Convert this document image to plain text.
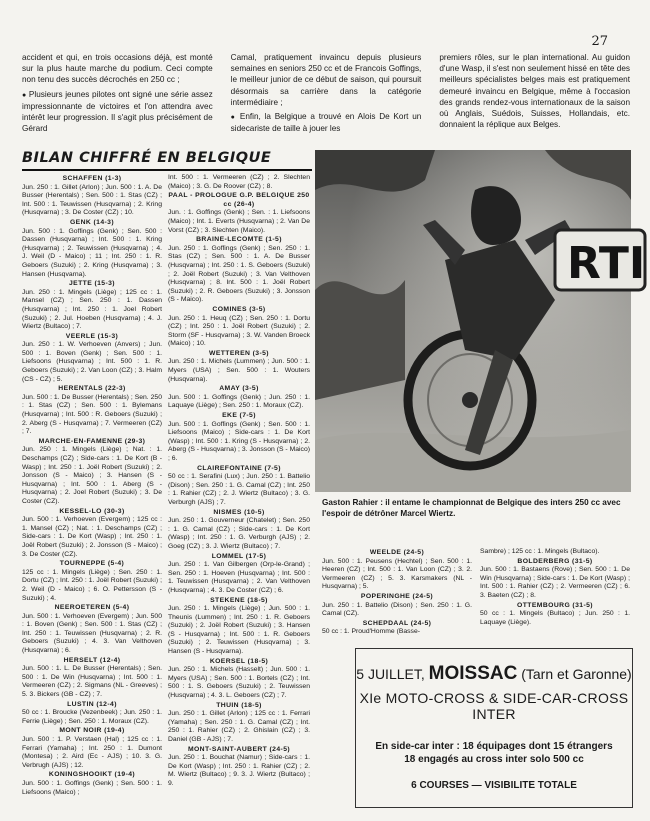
27

accident et qui, en trois occasions déjà, est monté sur la plus haute marche du podium. Ceci compte non tenu des succès décrochés en 250 cc ;

● Plusieurs jeunes pilotes ont signé une série assez impressionnante de victoires et l'on attendra avec intérêt leur progression. Il s'agit plus précisément de Gérard

Camal, pratiquement invaincu depuis plusieurs semaines en seniors 250 cc et de Francois Goffings, le meilleur junior de ce début de saison, qui poursuit désormais sa carrière dans la catégorie intermédiaire ;

● Enfin, la Belgique a trouvé en Alois De Kort un sidecariste de taille à jouer les

premiers rôles, sur le plan international. Au guidon d'une Wasp, il s'est non seulement hissé en tête des meilleurs spécialistes belges mais est pratiquement demeuré invaincu en Belgique, même à l'occasion des grands rendez-vous internationaux de la saison où Anglais, Suédois, Suisses, Hollandais, etc. donnaient la réplique aux Belges.

BILAN CHIFFRÉ EN BELGIQUE
SCHAFFEN (1-3)
Jun. 250 : 1. Gillet (Arlon) ; Jun. 500 : 1. A. De Busser (Herentals) ; Sen. 500 : 1. Stas (CZ) ; Int. 500 : 1. Teuwissen (Husqvarna) ; 2. Kring (Husqvarna) ; 3. De Coster (CZ) ; 10.
GENK (14-3)
Jun. 500 : 1. Goffings (Genk) ; Sen. 500 : Dassen (Husqvarna) ; Int. 500 : 1. Kring (Husqvarna) ; 2. Teuwissen (Husqvarna) ; 4. J. Weil (D - Maico) ; 11 ; Int. 250 : 1. R. Geboers (Suzuki) ; 2. Kring (Husqvarna) ; 3. Hansen (Husqvarna).
JETTE (15-3)
Jun. 250 : 1. Mingels (Liège) ; 125 cc : 1. Mansel (CZ) ; Sen. 250 : 1. Dassen (Husqvarna) ; Int. 250 : 1. Joel Robert (Suzuki) ; 2. Jul. Hoeben (Husqvarna) ; 4. J. Wiertz (Bultaco) ; 7.
VEERLE (15-3)
Jun. 250 : 1. W. Verhoeven (Anvers) ; Jun. 500 : 1. Boven (Genk) ; Sen. 500 : 1. Liefsoons (Husqvarna) ; Int. 500 : 1. R. Geboers (Suzuki) ; 2. Van Loon (CZ) ; 3. Halm (CS - CZ) ; 5.
HERENTALS (22-3)
Jun. 500 : 1. De Busser (Herentals) ; Sen. 250 : 1. Stas (CZ) ; Sen. 500 : 1. Bylemans (Husqvarna) ; Int. 500 : R. Geboers (Suzuki) ; 2. Aberg (S - Husqvarna) ; 7. Vermeeren (CZ) ; 7.
MARCHE-EN-FAMENNE (29-3)
Jun. 250 : 1. Mingels (Liège) ; Nat. : 1. Deschamps (CZ) ; Side-cars : 1. De Kort (B - Wasp) ; Int. 250 : 1. Joël Robert (Suzuki) ; 2. Jonsson (S - Maico) ; 3. Hansen (S - Husqvarna) ; Int. 500 : 1. Aberg (S - Husqvarna) ; 2. Joel Robert (Suzuki) ; 3. De Coster (CZ).
KESSEL-LO (30-3)
Jun. 500 : 1. Verhoeven (Evergem) ; 125 cc : 1. Mansel (CZ) ; Nat. : 1. Deschamps (CZ) ; Side-cars : 1. De Kort (Wasp) ; Int. 250 : 1. Joël Robert (Suzuki) ; 2. Jonsson (S - Maico) ; 3. De Coster (CZ).
TOURNEPPE (5-4)
125 cc : 1. Mingels (Liège) ; Sen. 250 : 1. Dortu (CZ) ; Int. 250 : 1. Joël Robert (Suzuki) ; 2. Weil (D - Maico) ; 6. O. Pettersson (S - Suzuki) ; 4.
NEEROETEREN (5-4)
Jun. 500 : 1. Verhoeven (Evergem) ; Jun. 500 : 1. Boven (Genk) ; Sen. 500 : 1. Stas (CZ) ; Int. 250 : 1. Teuwissen (Husqvarna) ; 2. R. Geboers (Suzuki) ; 4. 3. Van Velthoven (Husqvarna) ; 6.
HERSELT (12-4)
Jun. 500 : 1. L. De Busser (Herentals) ; Sen. 500 : 1. De Win (Husqvarna) ; Int. 500 : 1. Vermeeren (CZ) ; 2. Sigmans (NL - Greeves) ; 5. 3. Bickers (GB - CZ) ; 7.
LUSTIN (12-4)
50 cc : 1. Broucke (Vezenbeek) ; Jun. 250 : 1. Ferrie (Liège) ; Sen. 250 : 1. Moraux (CZ).
MONT NOIR (19-4)
Jun. 500 : 1. P. Verstaen (Hal) ; 125 cc : 1. Ferrari (Yamaha) ; Int. 250 : 1. Dumont (Montesa) ; 2. Aird (Ec - AJS) ; 10. 3. G. Verbrugh (AJS) ; 12.
KONINGSHOOIKT (19-4)
Jun. 500 : 1. Goffings (Genk) ; Sen. 500 : 1. Liefsoons (Maico) ;
Int. 500 : 1. Vermeeren (CZ) ; 2. Slechten (Maico) ; 3. G. De Roover (CZ) ; 8.
PAAL - PROLOGUE G.P. BELGIQUE 250 cc (26-4)
Jun. : 1. Goffings (Genk) ; Sen. : 1. Liefsoons (Maico) ; Int. 1. Everts (Husqvarna) ; 2. Van De Vorst (CZ) ; 3. Slechten (Maico).
BRAINE-LECOMTE (1-5)
Jun. 250 : 1. Goffings (Genk) ; Sen. 250 : 1. Stas (CZ) ; Sen. 500 : 1. A. De Busser (Husqvarna) ; Int. 250 : 1. S. Geboers (Suzuki) ; 2. Joël Robert (Suzuki) ; 3. Van Velthoven (Husqvarna) ; 8. Int. 500 : 1. Joël Robert (Suzuki) ; 2. R. Geboers (Suzuki) ; 3. Jonsson (S - Maico).
COMINES (3-5)
Jun. 250 : 1. Heuq (CZ) ; Sen. 250 : 1. Dortu (CZ) ; Int. 250 : 1. Joël Robert (Suzuki) ; 2. Storm (SF - Husqvarna) ; 3. W. Vanden Broeck (Maico) ; 10.
WETTEREN (3-5)
Jun. 250 : 1. Michels (Lummen) ; Jun. 500 : 1. Myers (USA) ; Sen. 500 : 1. Wouters (Husqvarna).
AMAY (3-5)
Jun. 500 : 1. Goffings (Genk) ; Jun. 250 : 1. Laquaye (Liège) ; Sen. 250 : 1. Moraux (CZ).
EKE (7-5)
Jun. 500 : 1. Goffings (Genk) ; Sen. 500 : 1. Liefsoons (Maico) ; Side-cars : 1. De Kort (Wasp) ; Int. 500 : 1. Kring (S - Husqvarna) ; 2. Aberg (S - Husqvarna) ; 3. Jonsson (S - Maico) ; 6.
CLAIREFONTAINE (7-5)
50 cc : 1. Serafini (Lux) ; Jun. 250 : 1. Battelio (Dison) ; Sen. 250 : 1. G. Camal (CZ) ; Int. 250 : 1. Rahier (CZ) ; 2. J. Wiertz (Bultaco) ; 3. G. Verburgh (AJS) ; 7.
NISMES (10-5)
Jun. 250 : 1. Gouverneur (Chatelet) ; Sen. 250 : 1. G. Camal (CZ) ; Side-cars : 1. De Kort (Wasp) ; Int. 250 : 1. G. Verburgh (AJS) ; 2. Goeg (CZ) ; 3. J. Wiertz (Bultaco) ; 7.
LOMMEL (17-5)
Jun. 250 : 1. Van Gilbergen (Orp-le-Grand) ; Sen. 250 : 1. Hoeven (Husqvarna) ; Int. 500 : 1. Teuwissen (Husqvarna) ; 2. Van Velthoven (Husqvarna) ; 4. 3. De Coster (CZ) ; 6.
STEKENE (18-5)
Jun. 250 : 1. Mingels (Liège) ; Jun. 500 : 1. Theunis (Lummen) ; Int. 250 : 1. R. Geboers (Suzuki) ; 2. Joël Robert (Suzuki) ; 3. Hansen (S - Husqvarna) ; Int. 500 : 1. R. Geboers (Suzuki) ; 2. Teuwissen (Husqvarna) ; 3. Hansen (S - Husqvarna).
KOERSEL (18-5)
Jun. 250 : 1. Michels (Hasselt) ; Jun. 500 : 1. Myers (USA) ; Sen. 500 : 1. Bortels (CZ) ; Int. 500 : 1. S. Geboers (Suzuki) ; 2. Teuwissen (Husqvarna) ; 4. 3. L. Geboers (CZ) ; 7.
THUIN (18-5)
Jun. 250 : 1. Gillet (Arlon) ; 125 cc : 1. Ferrari (Yamaha) ; Sen. 250 : 1. G. Camal (CZ) ; Int. 250 : 1. Rahier (CZ) ; 2. Ghislain (CZ) ; 3. Daniel (GB - AJS) ; 7.
MONT-SAINT-AUBERT (24-5)
Jun. 250 : 1. Bouchat (Namur) ; Side-cars : 1. De Kort (Wasp) ; Int. 250 : 1. Rahier (CZ) ; 2. M. Wiertz (Bultaco) ; 9. 3. J. Wiertz (Bultaco) ; 9.
WEELDE (24-5)
Jun. 500 : 1. Peusens (Hechtel) ; Sen. 500 : 1. Heeren (CZ) ; Int. 500 : 1. Van Loon (CZ) ; 3. 2. Vermeeren (CZ) ; 5. 3. Karsmakers (NL - Husqvarna) ; 5.
POPERINGHE (24-5)
Jun. 250 : 1. Battelio (Dison) ; Sen. 250 : 1. G. Camal (CZ).
SCHEPDAAL (24-5)
50 cc : 1. Proud'Homme (Basse-
Sambre) ; 125 cc : 1. Mingels (Bultaco).
BOLDERBERG (31-5)
Jun. 500 : 1. Bastaens (Rove) ; Sen. 500 : 1. De Win (Husqvarna) ; Side-cars : 1. De Kort (Wasp) ; Int. 500 : 1. Rahier (CZ) ; 2. Vermeeren (CZ) ; 6. 3. Baeten (CZ) ; 8.
OTTEMBOURG (31-5)
50 cc : 1. Mingels (Bultaco) ; Jun. 250 : 1. Laquaye (Liège).
RTI
Gaston Rahier : il entame le championnat de Belgique des inters 250 cc avec l'espoir de détrôner Marcel Wiertz.
5 JUILLET, MOISSAC (Tarn et Garonne)
XIe MOTO-CROSS & SIDE-CAR-CROSS INTER
En side-car inter : 18 équipages dont 15 étrangers
18 engagés au cross inter solo 500 cc
6 COURSES — VISIBILITE TOTALE
